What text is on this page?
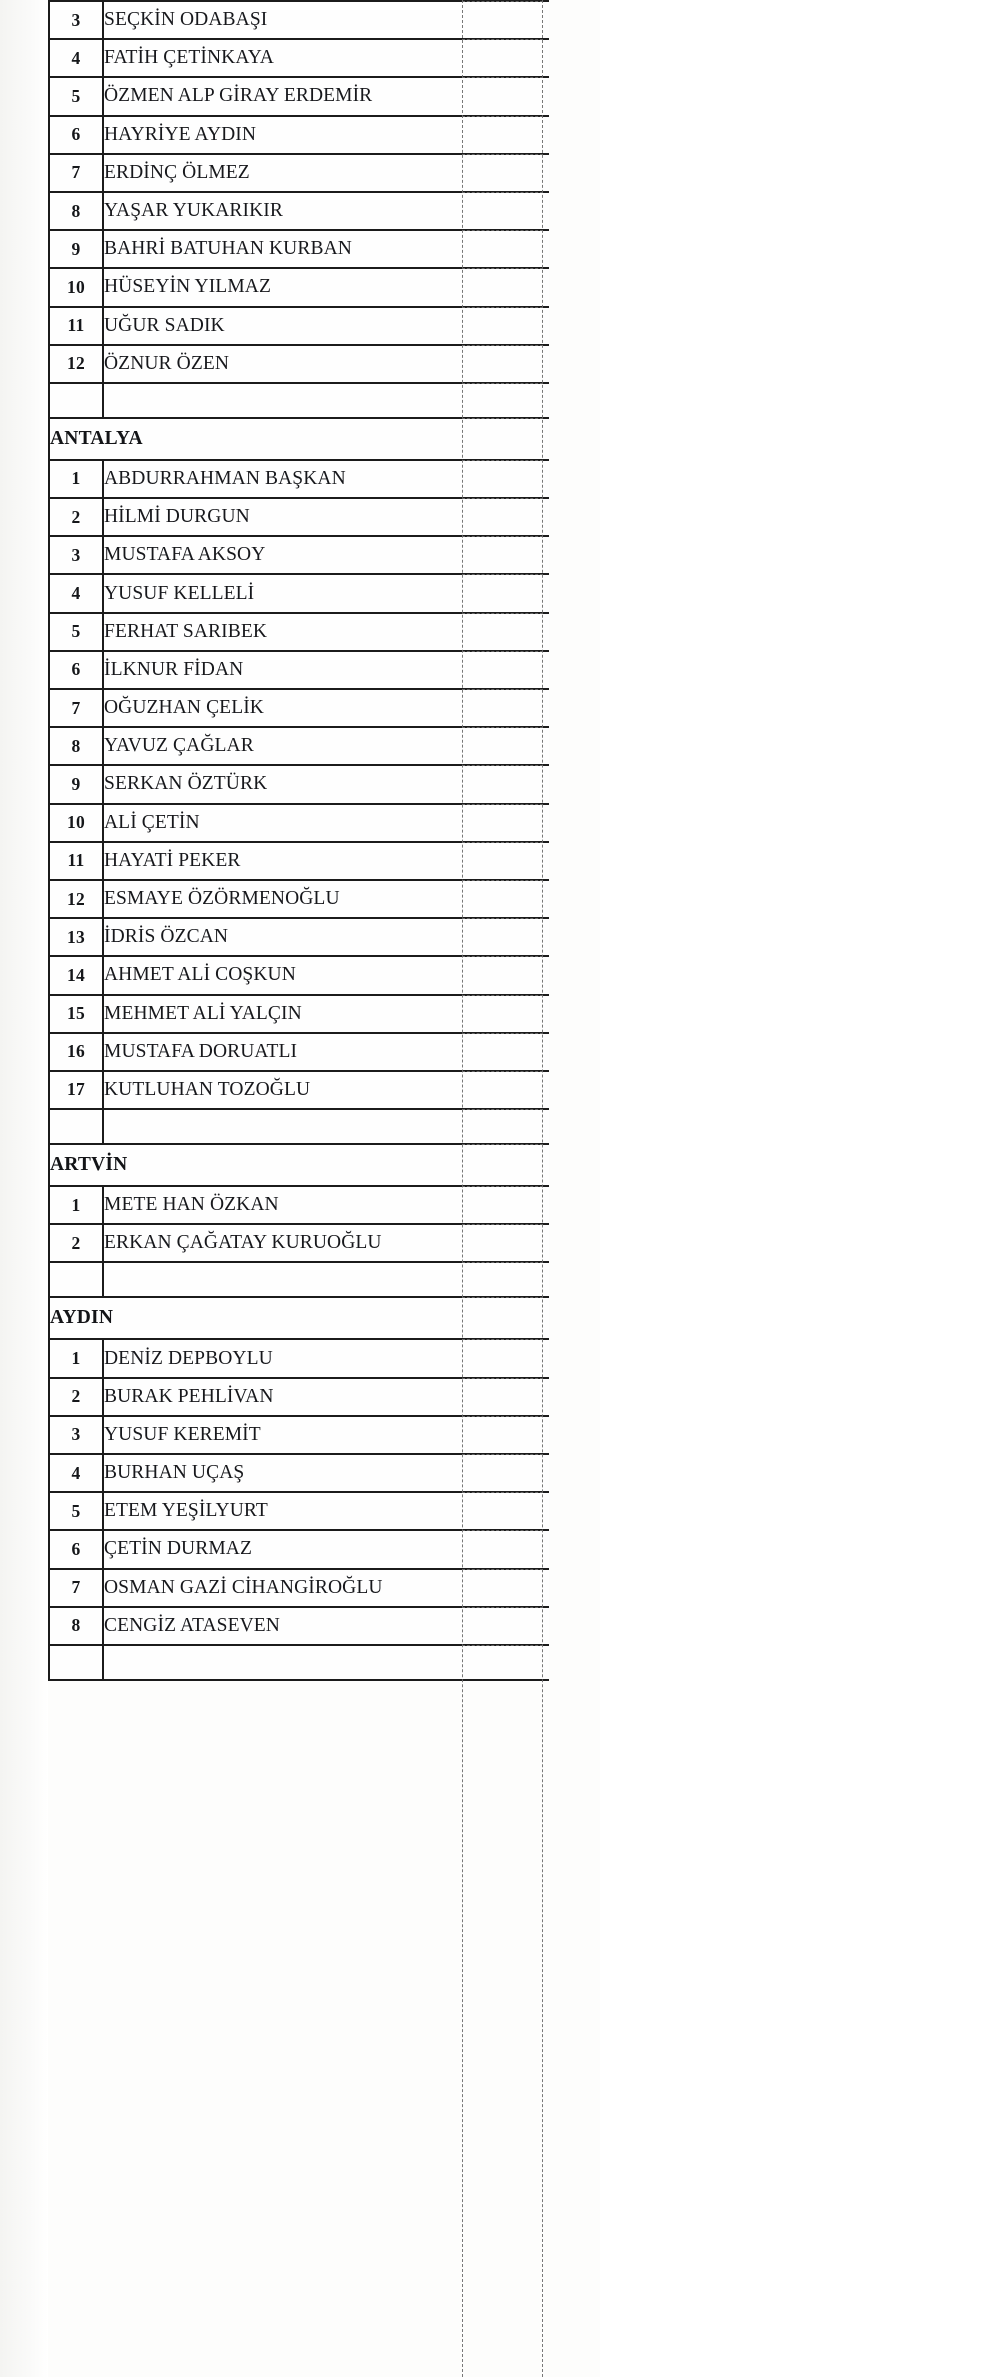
3	SEÇKİN ODABAŞI
4	FATİH ÇETİNKAYA
5	ÖZMEN ALP GİRAY ERDEMİR
6	HAYRİYE AYDIN
7	ERDİNÇ ÖLMEZ
8	YAŞAR YUKARIKIR
9	BAHRİ BATUHAN KURBAN
10	HÜSEYİN YILMAZ
11	UĞUR SADIK
12	ÖZNUR ÖZEN

ANTALYA	
1	ABDURRAHMAN BAŞKAN
2	HİLMİ DURGUN
3	MUSTAFA AKSOY
4	YUSUF KELLELİ
5	FERHAT SARIBEK
6	İLKNUR FİDAN
7	OĞUZHAN ÇELİK
8	YAVUZ ÇAĞLAR
9	SERKAN ÖZTÜRK
10	ALİ ÇETİN
11	HAYATİ PEKER
12	ESMAYE ÖZÖRMENOĞLU
13	İDRİS ÖZCAN
14	AHMET ALİ COŞKUN
15	MEHMET ALİ YALÇIN
16	MUSTAFA DORUATLI
17	KUTLUHAN TOZOĞLU

ARTVİN	
1	METE HAN ÖZKAN
2	ERKAN ÇAĞATAY KURUOĞLU

AYDIN	
1	DENİZ DEPBOYLU
2	BURAK PEHLİVAN
3	YUSUF KEREMİT
4	BURHAN UÇAŞ
5	ETEM YEŞİLYURT
6	ÇETİN DURMAZ
7	OSMAN GAZİ CİHANGİROĞLU
8	CENGİZ ATASEVEN
